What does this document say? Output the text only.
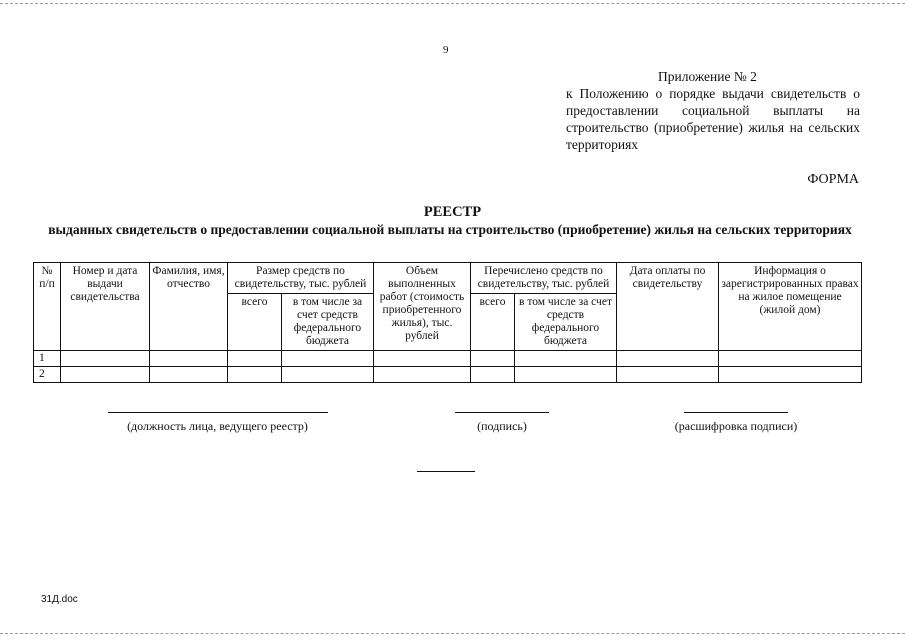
9
Приложение № 2
к Положению о порядке выдачи свидетельств о предоставлении социальной выплаты на строительство (приобретение) жилья на сельских территориях
ФОРМА
РЕЕСТР
выданных свидетельств о предоставлении социальной выплаты на строительство (приобретение) жилья на сельских территориях
№ п/п	Номер и дата выдачи свидетельства	Фамилия, имя, отчество	Размер средств по свидетельству, тыс. рублей		Объем выполненных работ (стоимость приобретенного жилья), тыс. рублей	Перечислено средств по свидетельству, тыс. рублей		Дата оплаты по свидетельству	Информация о зарегистрированных правах на жилое помещение (жилой дом)
			всего	в том числе за счет средств федерального бюджета		всего	в том числе за счет средств федерального бюджета		
1									
2									
(должность лица, ведущего реестр)	(подпись)	(расшифровка подписи)
31Д.doc
